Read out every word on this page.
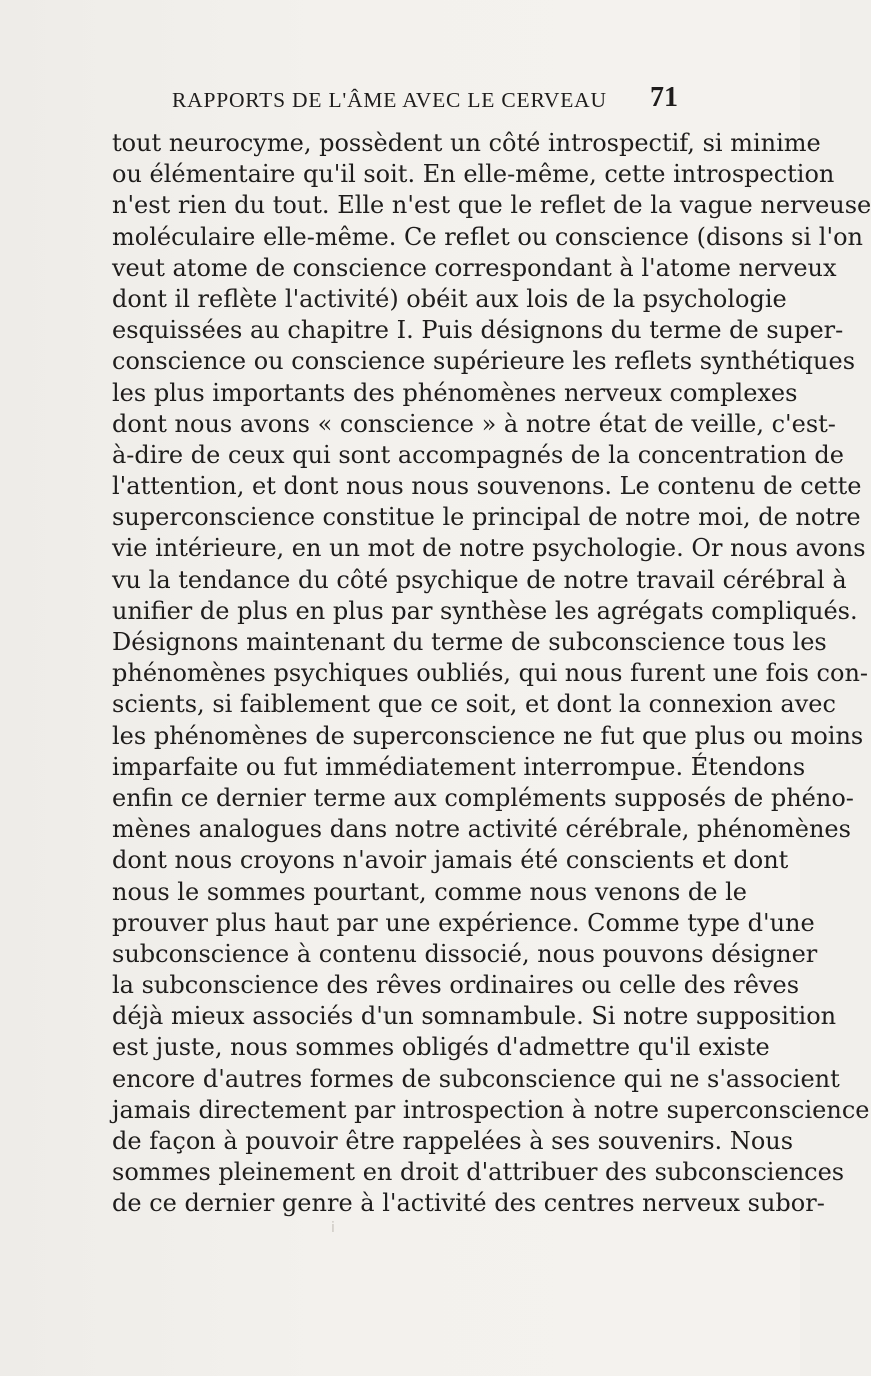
RAPPORTS DE L'ÂME AVEC LE CERVEAU 71
tout neurocyme, possèdent un côté introspectif, si minime
ou élémentaire qu'il soit. En elle-même, cette introspection
n'est rien du tout. Elle n'est que le reflet de la vague nerveuse
moléculaire elle-même. Ce reflet ou conscience (disons si l'on
veut atome de conscience correspondant à l'atome nerveux
dont il reflète l'activité) obéit aux lois de la psychologie
esquissées au chapitre I. Puis désignons du terme de super-
conscience ou conscience supérieure les reflets synthétiques
les plus importants des phénomènes nerveux complexes
dont nous avons « conscience » à notre état de veille, c'est-
à-dire de ceux qui sont accompagnés de la concentration de
l'attention, et dont nous nous souvenons. Le contenu de cette
superconscience constitue le principal de notre moi, de notre
vie intérieure, en un mot de notre psychologie. Or nous avons
vu la tendance du côté psychique de notre travail cérébral à
unifier de plus en plus par synthèse les agrégats compliqués.
Désignons maintenant du terme de subconscience tous les
phénomènes psychiques oubliés, qui nous furent une fois con-
scients, si faiblement que ce soit, et dont la connexion avec
les phénomènes de superconscience ne fut que plus ou moins
imparfaite ou fut immédiatement interrompue. Étendons
enfin ce dernier terme aux compléments supposés de phéno-
mènes analogues dans notre activité cérébrale, phénomènes
dont nous croyons n'avoir jamais été conscients et dont
nous le sommes pourtant, comme nous venons de le
prouver plus haut par une expérience. Comme type d'une
subconscience à contenu dissocié, nous pouvons désigner
la subconscience des rêves ordinaires ou celle des rêves
déjà mieux associés d'un somnambule. Si notre supposition
est juste, nous sommes obligés d'admettre qu'il existe
encore d'autres formes de subconscience qui ne s'associent
jamais directement par introspection à notre superconscience
de façon à pouvoir être rappelées à ses souvenirs. Nous
sommes pleinement en droit d'attribuer des subconsciences
de ce dernier genre à l'activité des centres nerveux subor-
i
